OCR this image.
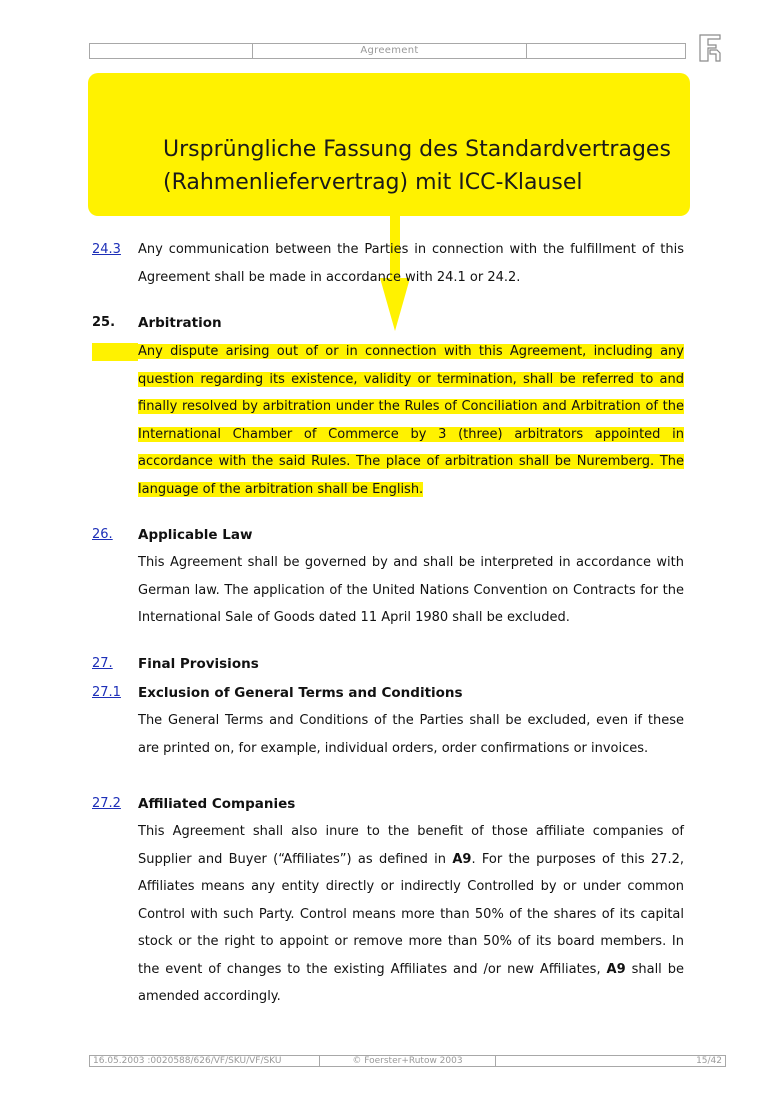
Agreement
Ursprüngliche Fassung des Standardvertrages
(Rahmenliefervertrag) mit ICC-Klausel
24.3 Any communication between the Parties in connection with the fulfillment of this Agreement shall be made in accordance with 24.1 or 24.2.

25. Arbitration

Any dispute arising out of or in connection with this Agreement, including any question regarding its existence, validity or termination, shall be referred to and finally resolved by arbitration under the Rules of Conciliation and Arbitration of the International Chamber of Commerce by 3 (three) arbitrators appointed in accordance with the said Rules. The place of arbitration shall be Nuremberg. The language of the arbitration shall be English.

26. Applicable Law

This Agreement shall be governed by and shall be interpreted in accordance with German law. The application of the United Nations Convention on Contracts for the International Sale of Goods dated 11 April 1980 shall be excluded.

27. Final Provisions
27.1 Exclusion of General Terms and Conditions

The General Terms and Conditions of the Parties shall be excluded, even if these are printed on, for example, individual orders, order confirmations or invoices.

27.2 Affiliated Companies

This Agreement shall also inure to the benefit of those affiliate companies of Supplier and Buyer (“Affiliates”) as defined in A9. For the purposes of this 27.2, Affiliates means any entity directly or indirectly Controlled by or under common Control with such Party. Control means more than 50% of the shares of its capital stock or the right to appoint or remove more than 50% of its board members. In the event of changes to the existing Affiliates and /or new Affiliates, A9 shall be amended accordingly.

16.05.2003 :0020588/626/VF/SKU/VF/SKU	© Foerster+Rutow 2003	15/42
